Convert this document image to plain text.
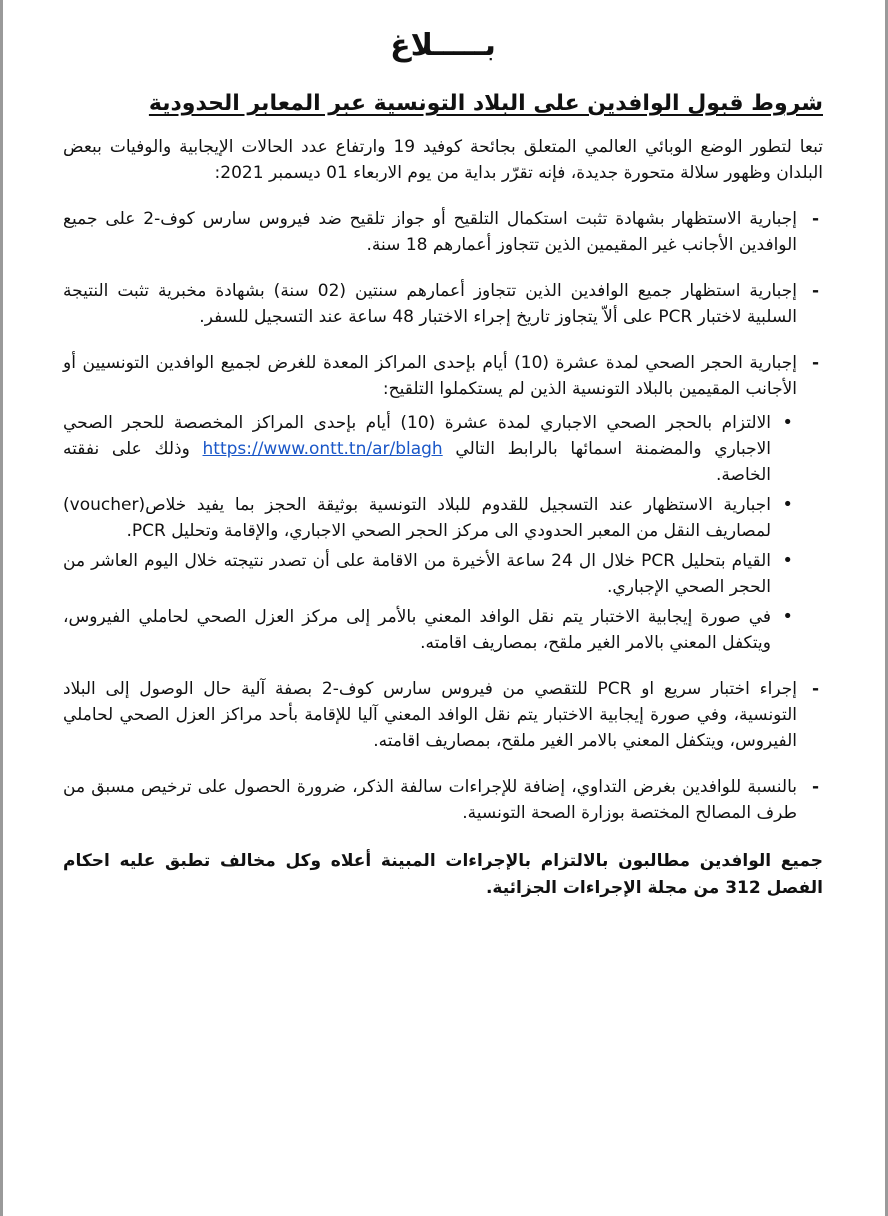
بـــــلاغ
شروط قبول الوافدين على البلاد التونسية عبر المعابر الحدودية

تبعا لتطور الوضع الوبائي العالمي المتعلق بجائحة كوفيد 19 وارتفاع عدد الحالات الإيجابية والوفيات ببعض البلدان وظهور سلالة متحورة جديدة، فإنه تقرّر بداية من يوم الاربعاء 01 ديسمبر 2021:

- إجبارية الاستظهار بشهادة تثبت استكمال التلقيح أو جواز تلقيح ضد فيروس سارس كوف-2 على جميع الوافدين الأجانب غير المقيمين الذين تتجاوز أعمارهم 18 سنة.
- إجبارية استظهار جميع الوافدين الذين تتجاوز أعمارهم سنتين (02 سنة) بشهادة مخبرية تثبت النتيجة السلبية لاختبار PCR على ألاّ يتجاوز تاريخ إجراء الاختبار 48 ساعة عند التسجيل للسفر.
- إجبارية الحجر الصحي لمدة عشرة (10) أيام بإحدى المراكز المعدة للغرض لجميع الوافدين التونسيين أو الأجانب المقيمين بالبلاد التونسية الذين لم يستكملوا التلقيح:
• الالتزام بالحجر الصحي الاجباري لمدة عشرة (10) أيام بإحدى المراكز المخصصة للحجر الصحي الاجباري والمضمنة اسمائها بالرابط التالي https://www.ontt.tn/ar/blagh وذلك على نفقته الخاصة.
• اجبارية الاستظهار عند التسجيل للقدوم للبلاد التونسية بوثيقة الحجز بما يفيد خلاص(voucher) لمصاريف النقل من المعبر الحدودي الى مركز الحجر الصحي الاجباري، والإقامة وتحليل PCR.
• القيام بتحليل PCR خلال ال 24 ساعة الأخيرة من الاقامة على أن تصدر نتيجته خلال اليوم العاشر من الحجر الصحي الإجباري.
• في صورة إيجابية الاختبار يتم نقل الوافد المعني بالأمر إلى مركز العزل الصحي لحاملي الفيروس، ويتكفل المعني بالامر الغير ملقح، بمصاريف اقامته.
- إجراء اختبار سريع او PCR للتقصي من فيروس سارس كوف-2 بصفة آلية حال الوصول إلى البلاد التونسية، وفي صورة إيجابية الاختبار يتم نقل الوافد المعني آليا للإقامة بأحد مراكز العزل الصحي لحاملي الفيروس، ويتكفل المعني بالامر الغير ملقح، بمصاريف اقامته.
- بالنسبة للوافدين بغرض التداوي، إضافة للإجراءات سالفة الذكر، ضرورة الحصول على ترخيص مسبق من طرف المصالح المختصة بوزارة الصحة التونسية.

جميع الوافدين مطالبون بالالتزام بالإجراءات المبينة أعلاه وكل مخالف تطبق عليه احكام الفصل 312 من مجلة الإجراءات الجزائية.
